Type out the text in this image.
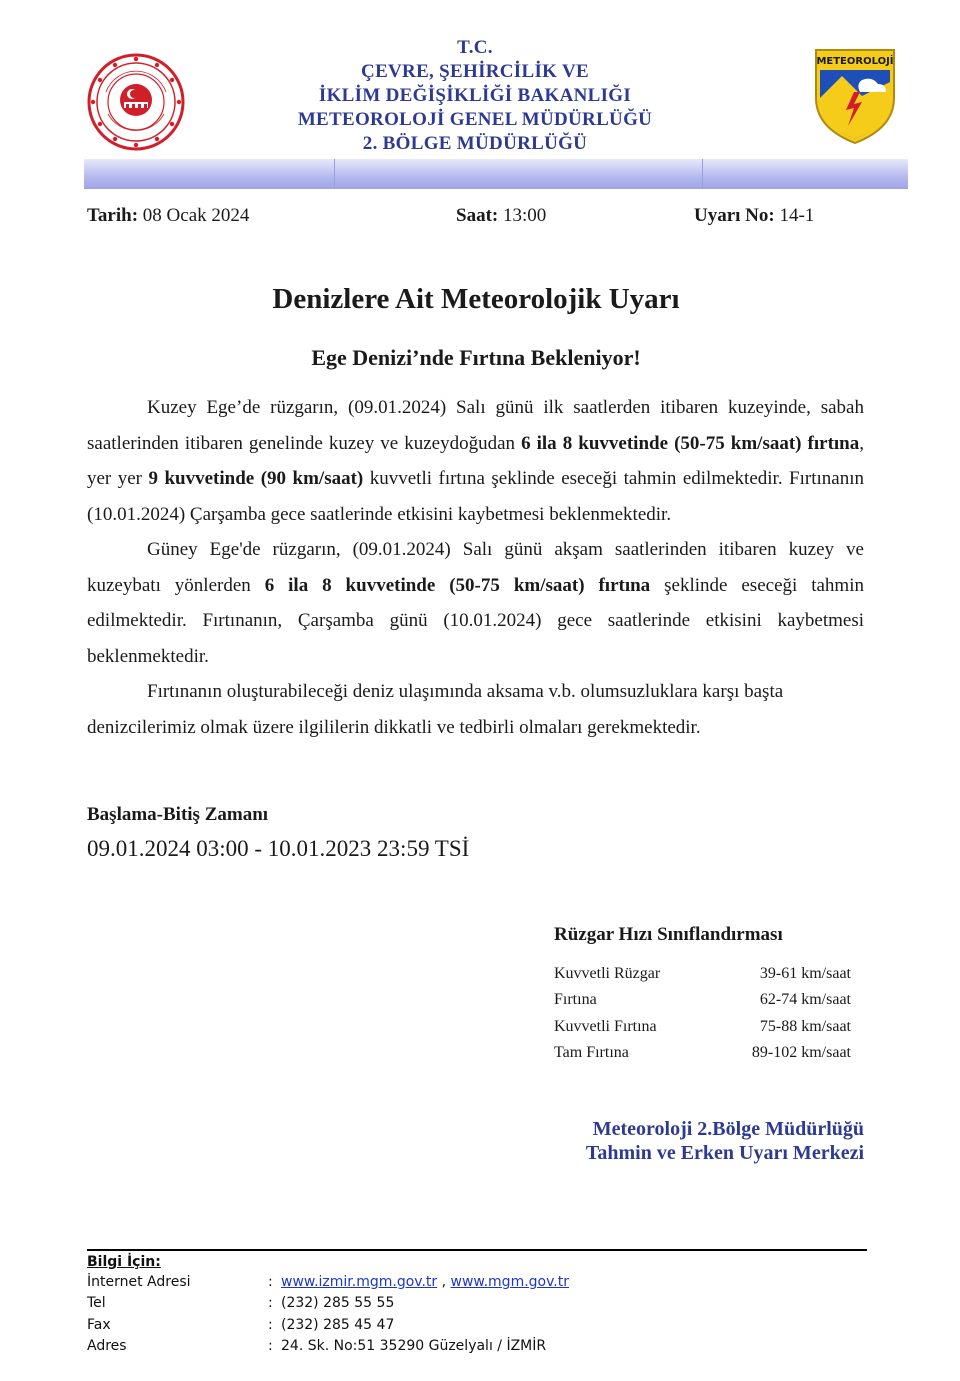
T.C.
ÇEVRE, ŞEHİRCİLİK VE
İKLİM DEĞİŞİKLİĞİ BAKANLIĞI
METEOROLOJİ GENEL MÜDÜRLÜĞÜ
2. BÖLGE MÜDÜRLÜĞÜ
METEOROLOJİ
Tarih: 08 Ocak 2024	Saat: 13:00	Uyarı No: 14-1
Denizlere Ait Meteorolojik Uyarı
Ege Denizi’nde Fırtına Bekleniyor!

Kuzey Ege’de rüzgarın, (09.01.2024) Salı günü ilk saatlerden itibaren kuzeyinde, sabah saatlerinden itibaren genelinde kuzey ve kuzeydoğudan 6 ila 8 kuvvetinde (50-75 km/saat) fırtına, yer yer 9 kuvvetinde (90 km/saat) kuvvetli fırtına şeklinde eseceği tahmin edilmektedir. Fırtınanın (10.01.2024) Çarşamba gece saatlerinde etkisini kaybetmesi beklenmektedir.

Güney Ege'de rüzgarın, (09.01.2024) Salı günü akşam saatlerinden itibaren kuzey ve kuzeybatı yönlerden 6 ila 8 kuvvetinde (50-75 km/saat) fırtına şeklinde eseceği tahmin edilmektedir. Fırtınanın, Çarşamba günü (10.01.2024) gece saatlerinde etkisini kaybetmesi beklenmektedir.

Fırtınanın oluşturabileceği deniz ulaşımında aksama v.b. olumsuzluklara karşı başta denizcilerimiz olmak üzere ilgililerin dikkatli ve tedbirli olmaları gerekmektedir.

Başlama-Bitiş Zamanı
09.01.2024 03:00 - 10.01.2023 23:59 TSİ
Rüzgar Hızı Sınıflandırması
Kuvvetli Rüzgar	39-61 km/saat
Fırtına	62-74 km/saat
Kuvvetli Fırtına	75-88 km/saat
Tam Fırtına	89-102 km/saat
Meteoroloji 2.Bölge Müdürlüğü
Tahmin ve Erken Uyarı Merkezi
Bilgi İçin:
İnternet Adresi	: www.izmir.mgm.gov.tr , www.mgm.gov.tr
Tel	: (232) 285 55 55
Fax	: (232) 285 45 47
Adres	: 24. Sk. No:51 35290 Güzelyalı / İZMİR
